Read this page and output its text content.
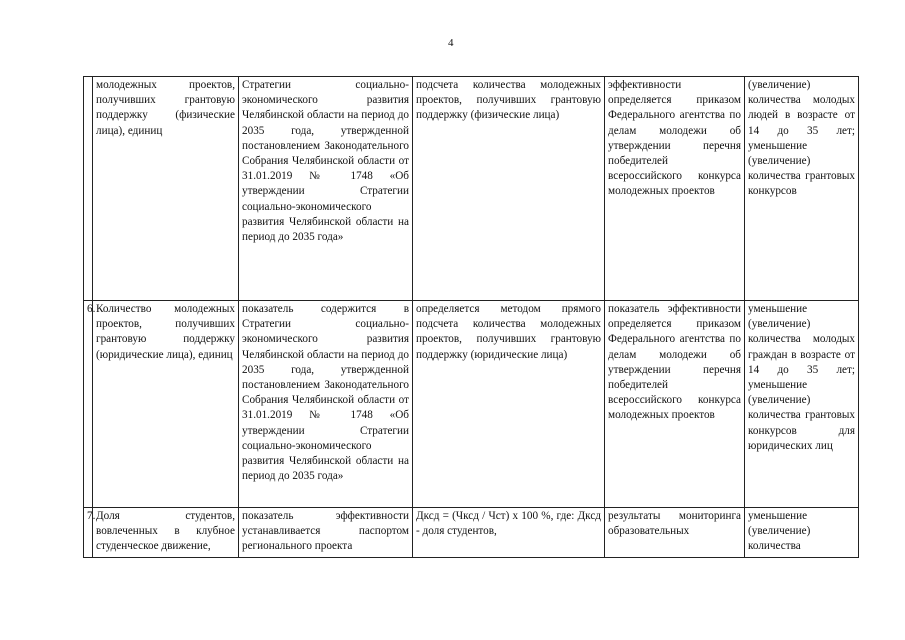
4
	молодежных проектов, получивших грантовую поддержку (физические лица), единиц	Стратегии социально-экономического развития Челябинской области на период до 2035 года, утвержденной постановлением Законодательного Собрания Челябинской области от 31.01.2019 № 1748 «Об утверждении Стратегии социально-экономического развития Челябинской области на период до 2035 года»	подсчета количества молодежных проектов, получивших грантовую поддержку (физические лица)	эффективности определяется приказом Федерального агентства по делам молодежи об утверждении перечня победителей всероссийского конкурса молодежных проектов	(увеличение) количества молодых людей в возрасте от 14 до 35 лет; уменьшение (увеличение) количества грантовых конкурсов
6.	Количество молодежных проектов, получивших грантовую поддержку (юридические лица), единиц	показатель содержится в Стратегии социально-экономического развития Челябинской области на период до 2035 года, утвержденной постановлением Законодательного Собрания Челябинской области от 31.01.2019 № 1748 «Об утверждении Стратегии социально-экономического развития Челябинской области на период до 2035 года»	определяется методом прямого подсчета количества молодежных проектов, получивших грантовую поддержку (юридические лица)	показатель эффективности определяется приказом Федерального агентства по делам молодежи об утверждении перечня победителей всероссийского конкурса молодежных проектов	уменьшение (увеличение) количества молодых граждан в возрасте от 14 до 35 лет; уменьшение (увеличение) количества грантовых конкурсов для юридических лиц
7.	Доля студентов, вовлеченных в клубное студенческое движение,	показатель эффективности устанавливается паспортом регионального проекта	Дксд = (Чксд / Чст) x 100 %, где: Дксд - доля студентов,	результаты мониторинга образовательных	уменьшение (увеличение) количества
